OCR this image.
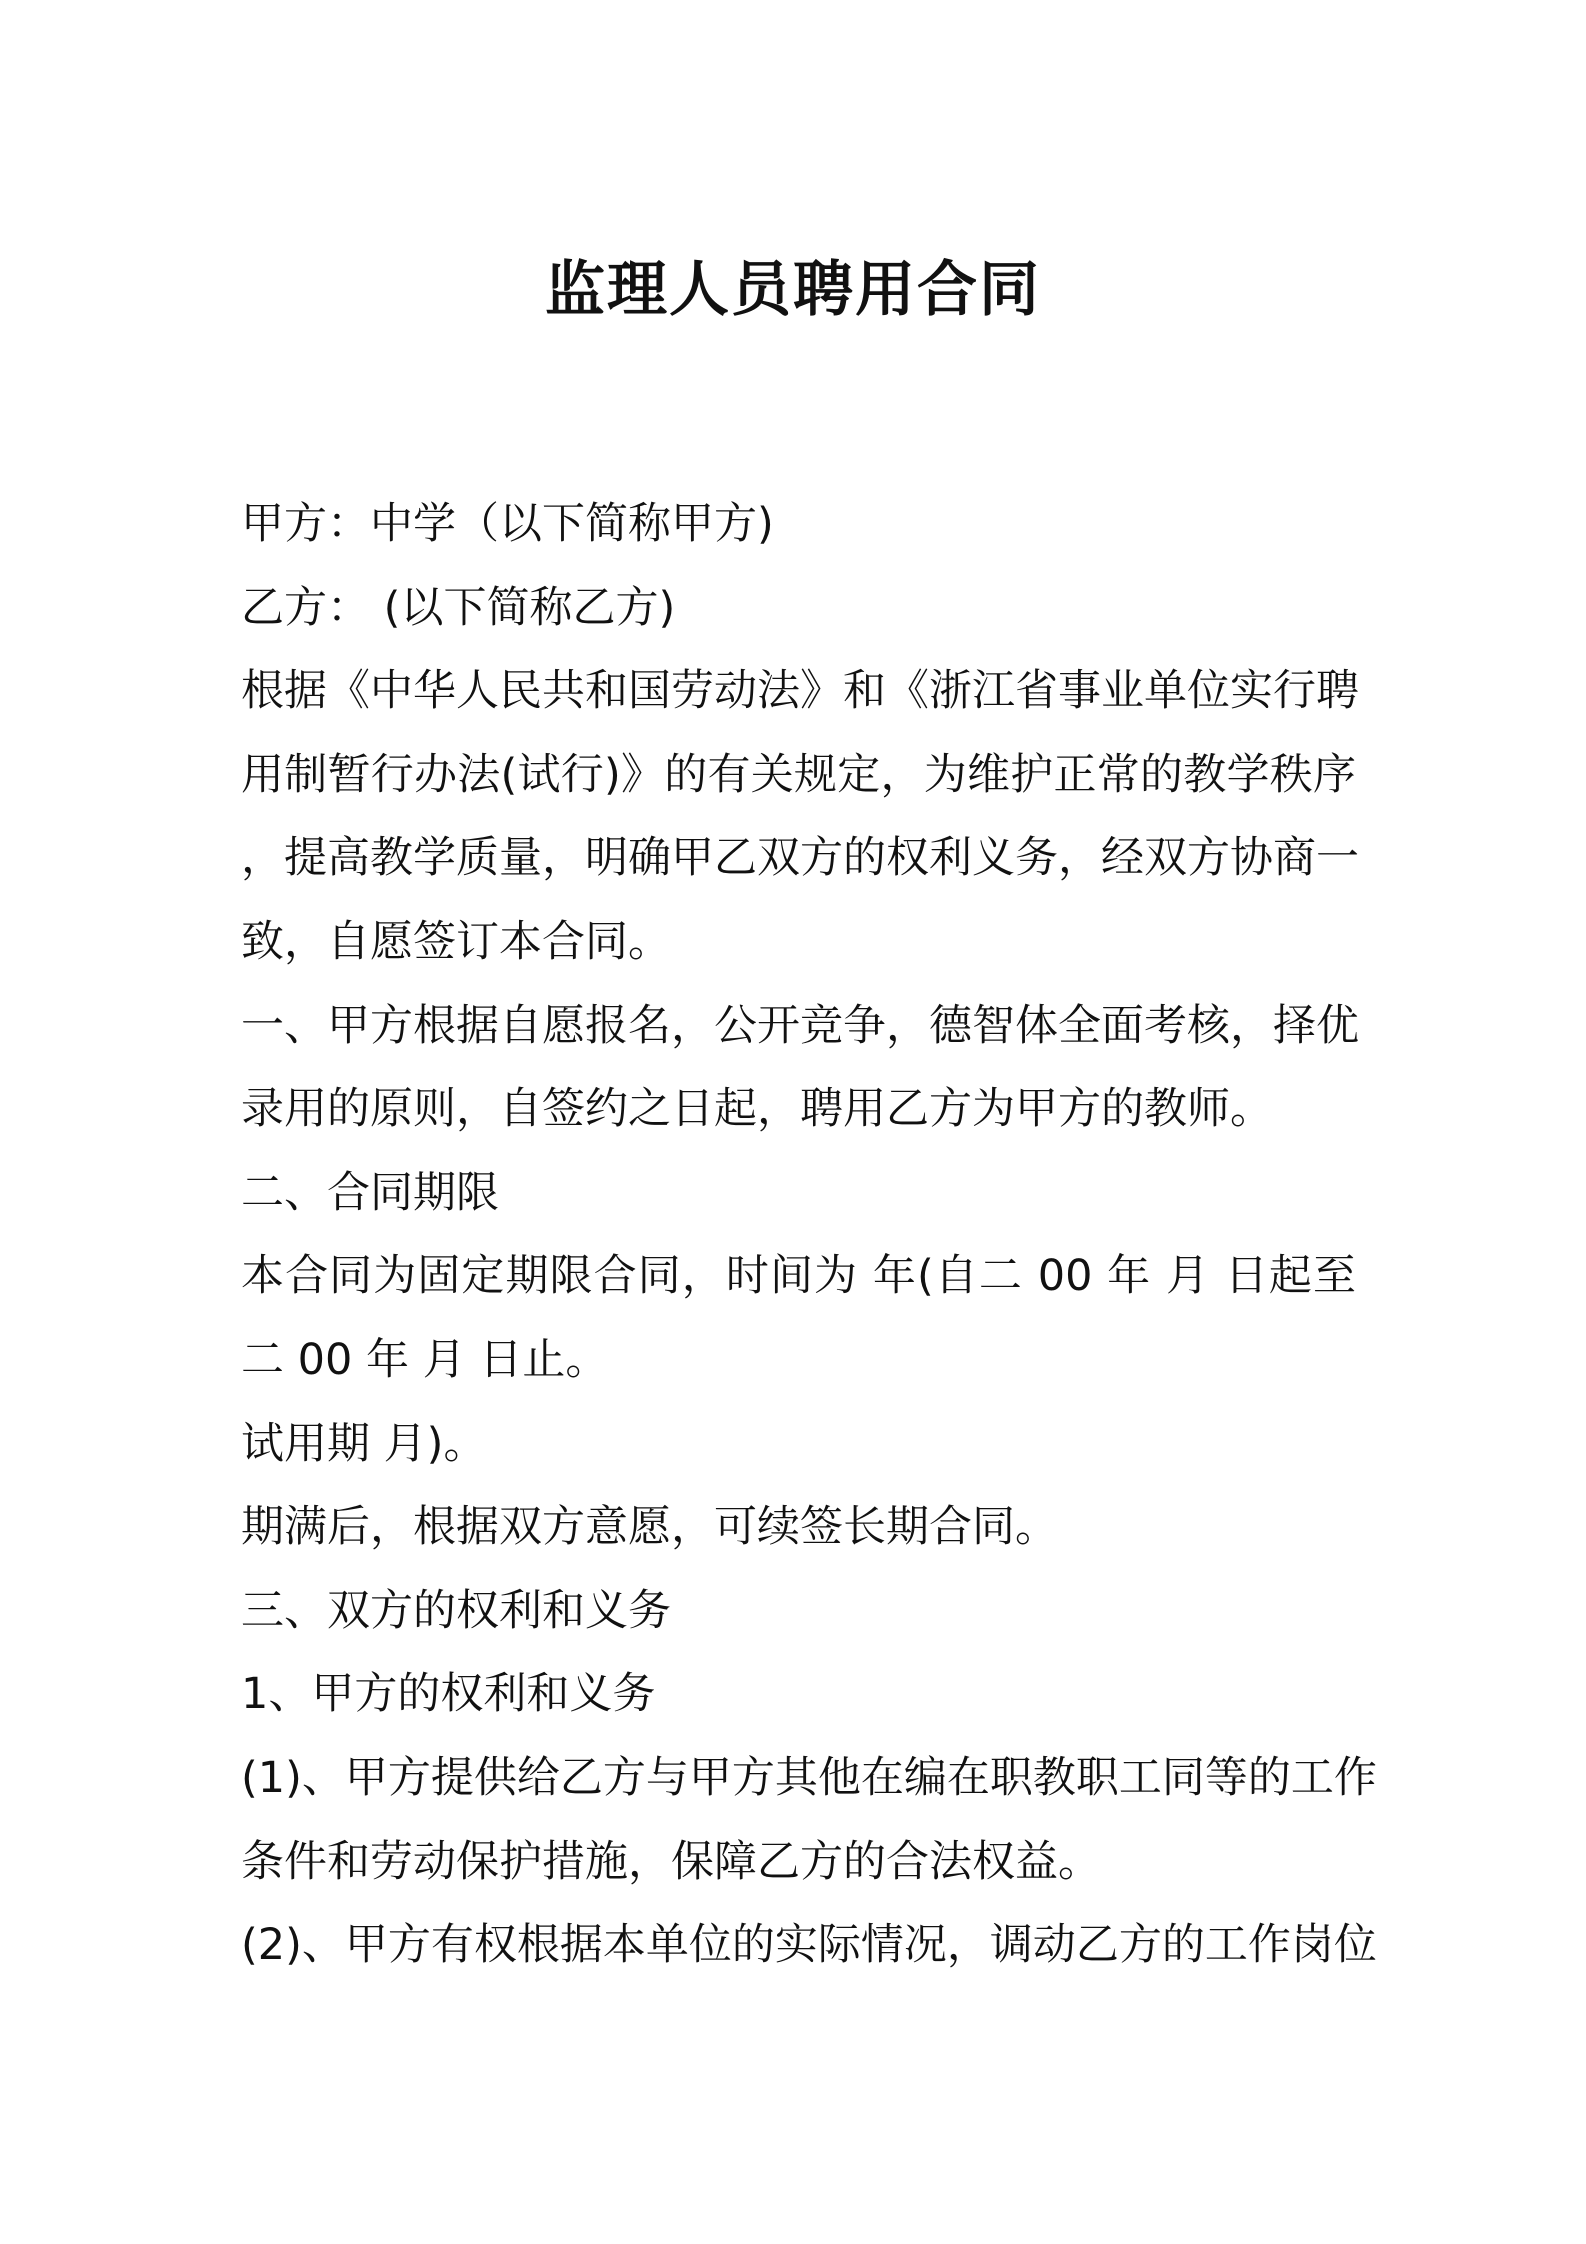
监理人员聘用合同
甲方：中学（以下简称甲方)
乙方： (以下简称乙方)
根据《中华人民共和国劳动法》和《浙江省事业单位实行聘
用制暂行办法(试行)》的有关规定，为维护正常的教学秩序
，提高教学质量，明确甲乙双方的权利义务，经双方协商一
致，自愿签订本合同。
一、甲方根据自愿报名，公开竞争，德智体全面考核，择优
录用的原则，自签约之日起，聘用乙方为甲方的教师。
二、合同期限
本合同为固定期限合同，时间为 年(自二 00 年 月 日起至
二 00 年 月 日止。
试用期 月)。
期满后，根据双方意愿，可续签长期合同。
三、双方的权利和义务
1、甲方的权利和义务
(1)、甲方提供给乙方与甲方其他在编在职教职工同等的工作
条件和劳动保护措施，保障乙方的合法权益。
(2)、甲方有权根据本单位的实际情况，调动乙方的工作岗位
